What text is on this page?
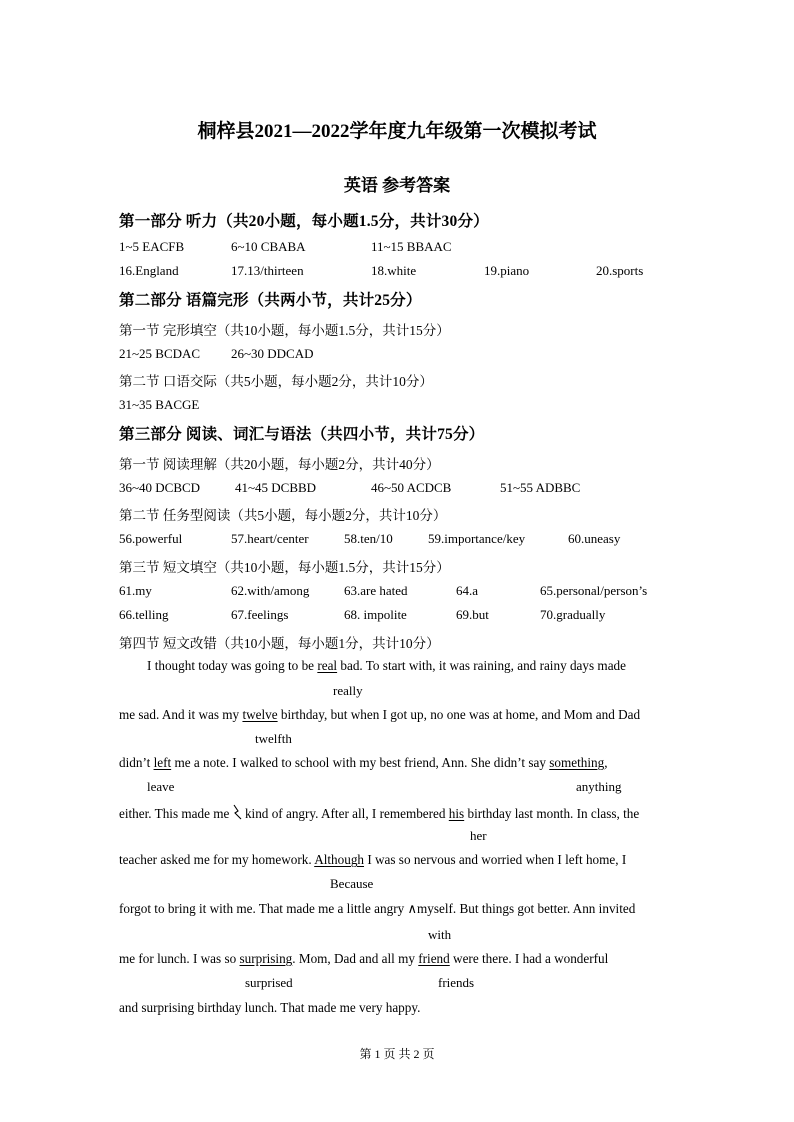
桐梓县2021—2022学年度九年级第一次模拟考试
英语 参考答案
第一部分 听力（共20小题，每小题1.5分，共计30分）
1~5 EACFB	6~10 CBABA	11~15 BBAAC
16.England	17.13/thirteen	18.white	19.piano	20.sports
第二部分 语篇完形（共两小节，共计25分）
第一节 完形填空（共10小题，每小题1.5分，共计15分）
21~25 BCDAC 26~30 DDCAD
第二节 口语交际（共5小题，每小题2分，共计10分）
31~35 BACGE
第三部分 阅读、词汇与语法（共四小节，共计75分）
第一节 阅读理解（共20小题，每小题2分，共计40分）
36~40 DCBCD	41~45 DCBBD	46~50 ACDCB	51~55 ADBBC
第二节 任务型阅读（共5小题，每小题2分，共计10分）
56.powerful	57.heart/center	58.ten/10	59.importance/key	60.uneasy
第三节 短文填空（共10小题，每小题1.5分，共计15分）
61.my	62.with/among	63.are hated	64.a	65.personal/person’s
66.telling	67.feelings	68. impolite	69.but	70.gradually
第四节 短文改错（共10小题，每小题1分，共计10分）
I thought today was going to be real bad. To start with, it was raining, and rainy days made
really
me sad. And it was my twelve birthday, but when I got up, no one was at home, and Mom and Dad
twelfth
didn’t left me a note. I walked to school with my best friend, Ann. She didn’t say something,
leave	anything
either. This made me  kind of angry. After all, I remembered his birthday last month. In class, the
her
teacher asked me for my homework. Although I was so nervous and worried when I left home, I
Because
forgot to bring it with me. That made me a little angry ∧myself. But things got better. Ann invited
with
me for lunch. I was so surprising. Mom, Dad and all my friend were there. I had a wonderful
surprised	friends
and surprising birthday lunch. That made me very happy.
第 1 页 共 2 页
